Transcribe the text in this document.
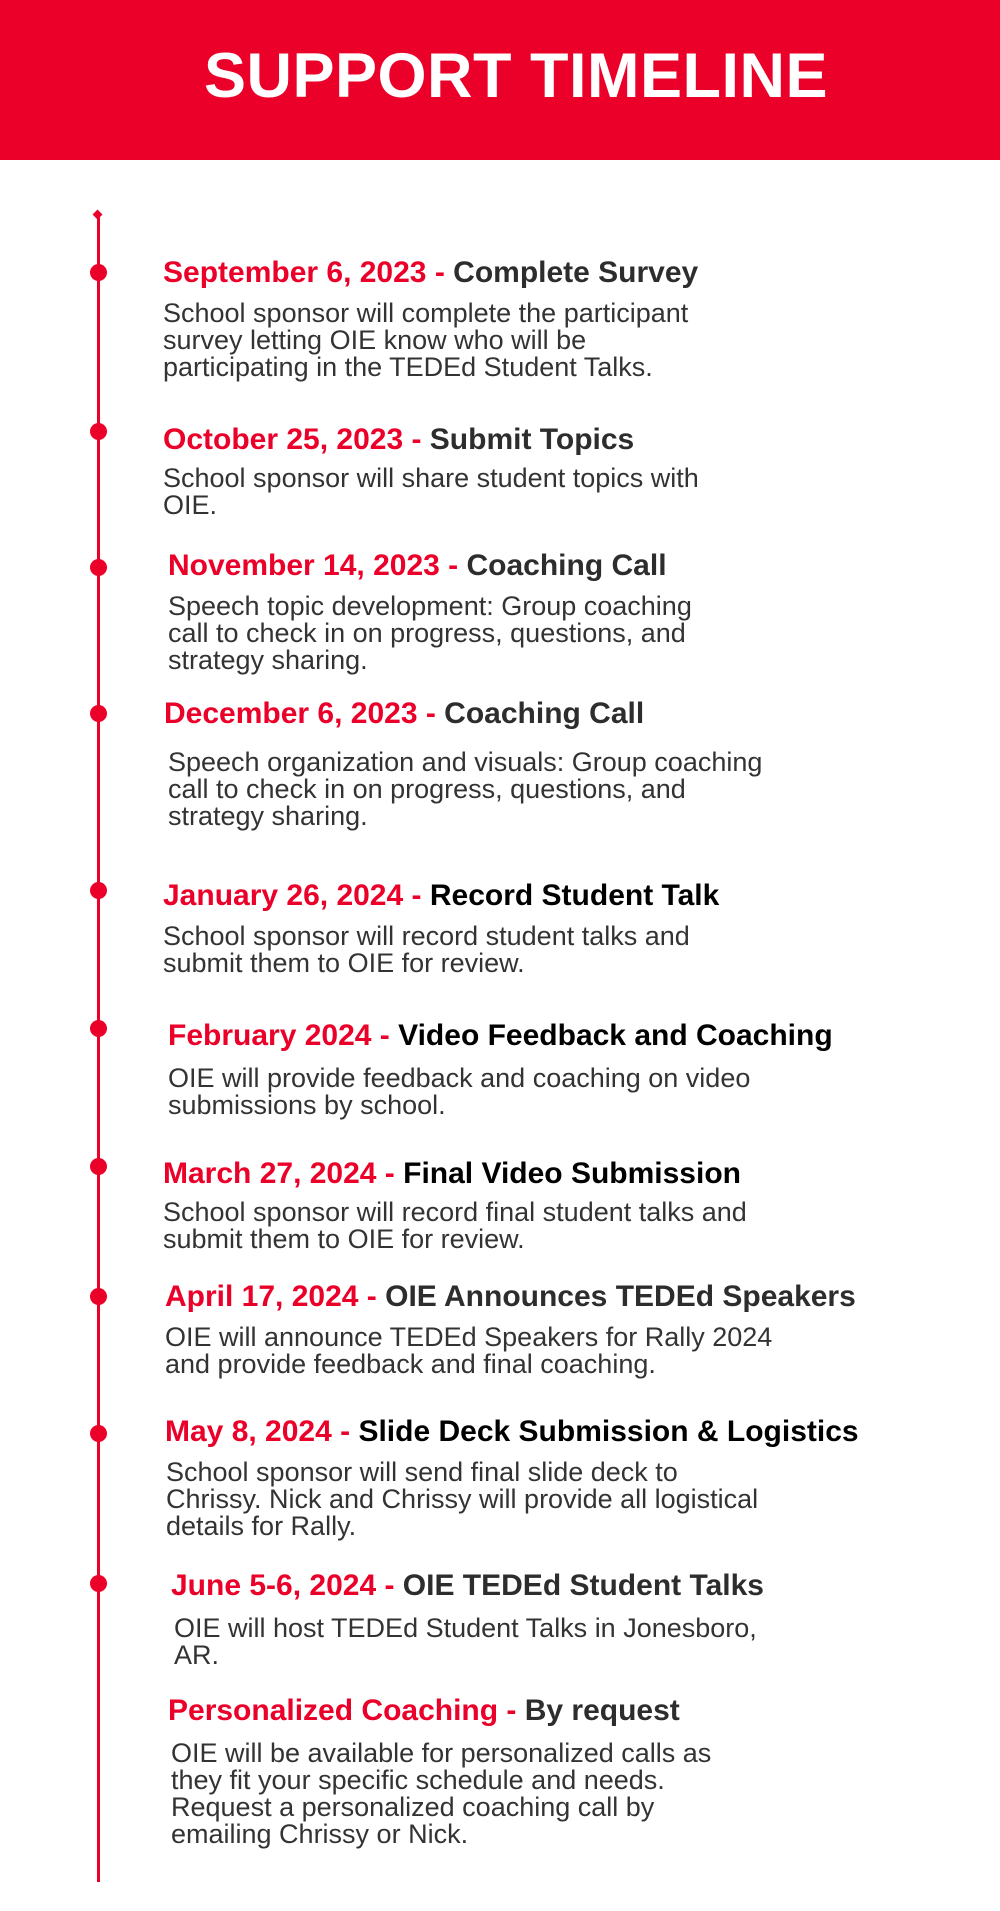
SUPPORT TIMELINE
September 6, 2023 - Complete Survey
School sponsor will complete the participant
survey letting OIE know who will be
participating in the TEDEd Student Talks.
October 25, 2023 - Submit Topics
School sponsor will share student topics with
OIE.
November 14, 2023 - Coaching Call
Speech topic development: Group coaching
call to check in on progress, questions, and
strategy sharing.
December 6, 2023 - Coaching Call
Speech organization and visuals: Group coaching
call to check in on progress, questions, and
strategy sharing.
January 26, 2024 - Record Student Talk
School sponsor will record student talks and
submit them to OIE for review.
February 2024 - Video Feedback and Coaching
OIE will provide feedback and coaching on video
submissions by school.
March 27, 2024 - Final Video Submission
School sponsor will record final student talks and
submit them to OIE for review.
April 17, 2024 - OIE Announces TEDEd Speakers
OIE will announce TEDEd Speakers for Rally 2024
and provide feedback and final coaching.
May 8, 2024 - Slide Deck Submission & Logistics
School sponsor will send final slide deck to
Chrissy. Nick and Chrissy will provide all logistical
details for Rally.
June 5-6, 2024 - OIE TEDEd Student Talks
OIE will host TEDEd Student Talks in Jonesboro,
AR.
Personalized Coaching - By request
OIE will be available for personalized calls as
they fit your specific schedule and needs.
Request a personalized coaching call by
emailing Chrissy or Nick.
